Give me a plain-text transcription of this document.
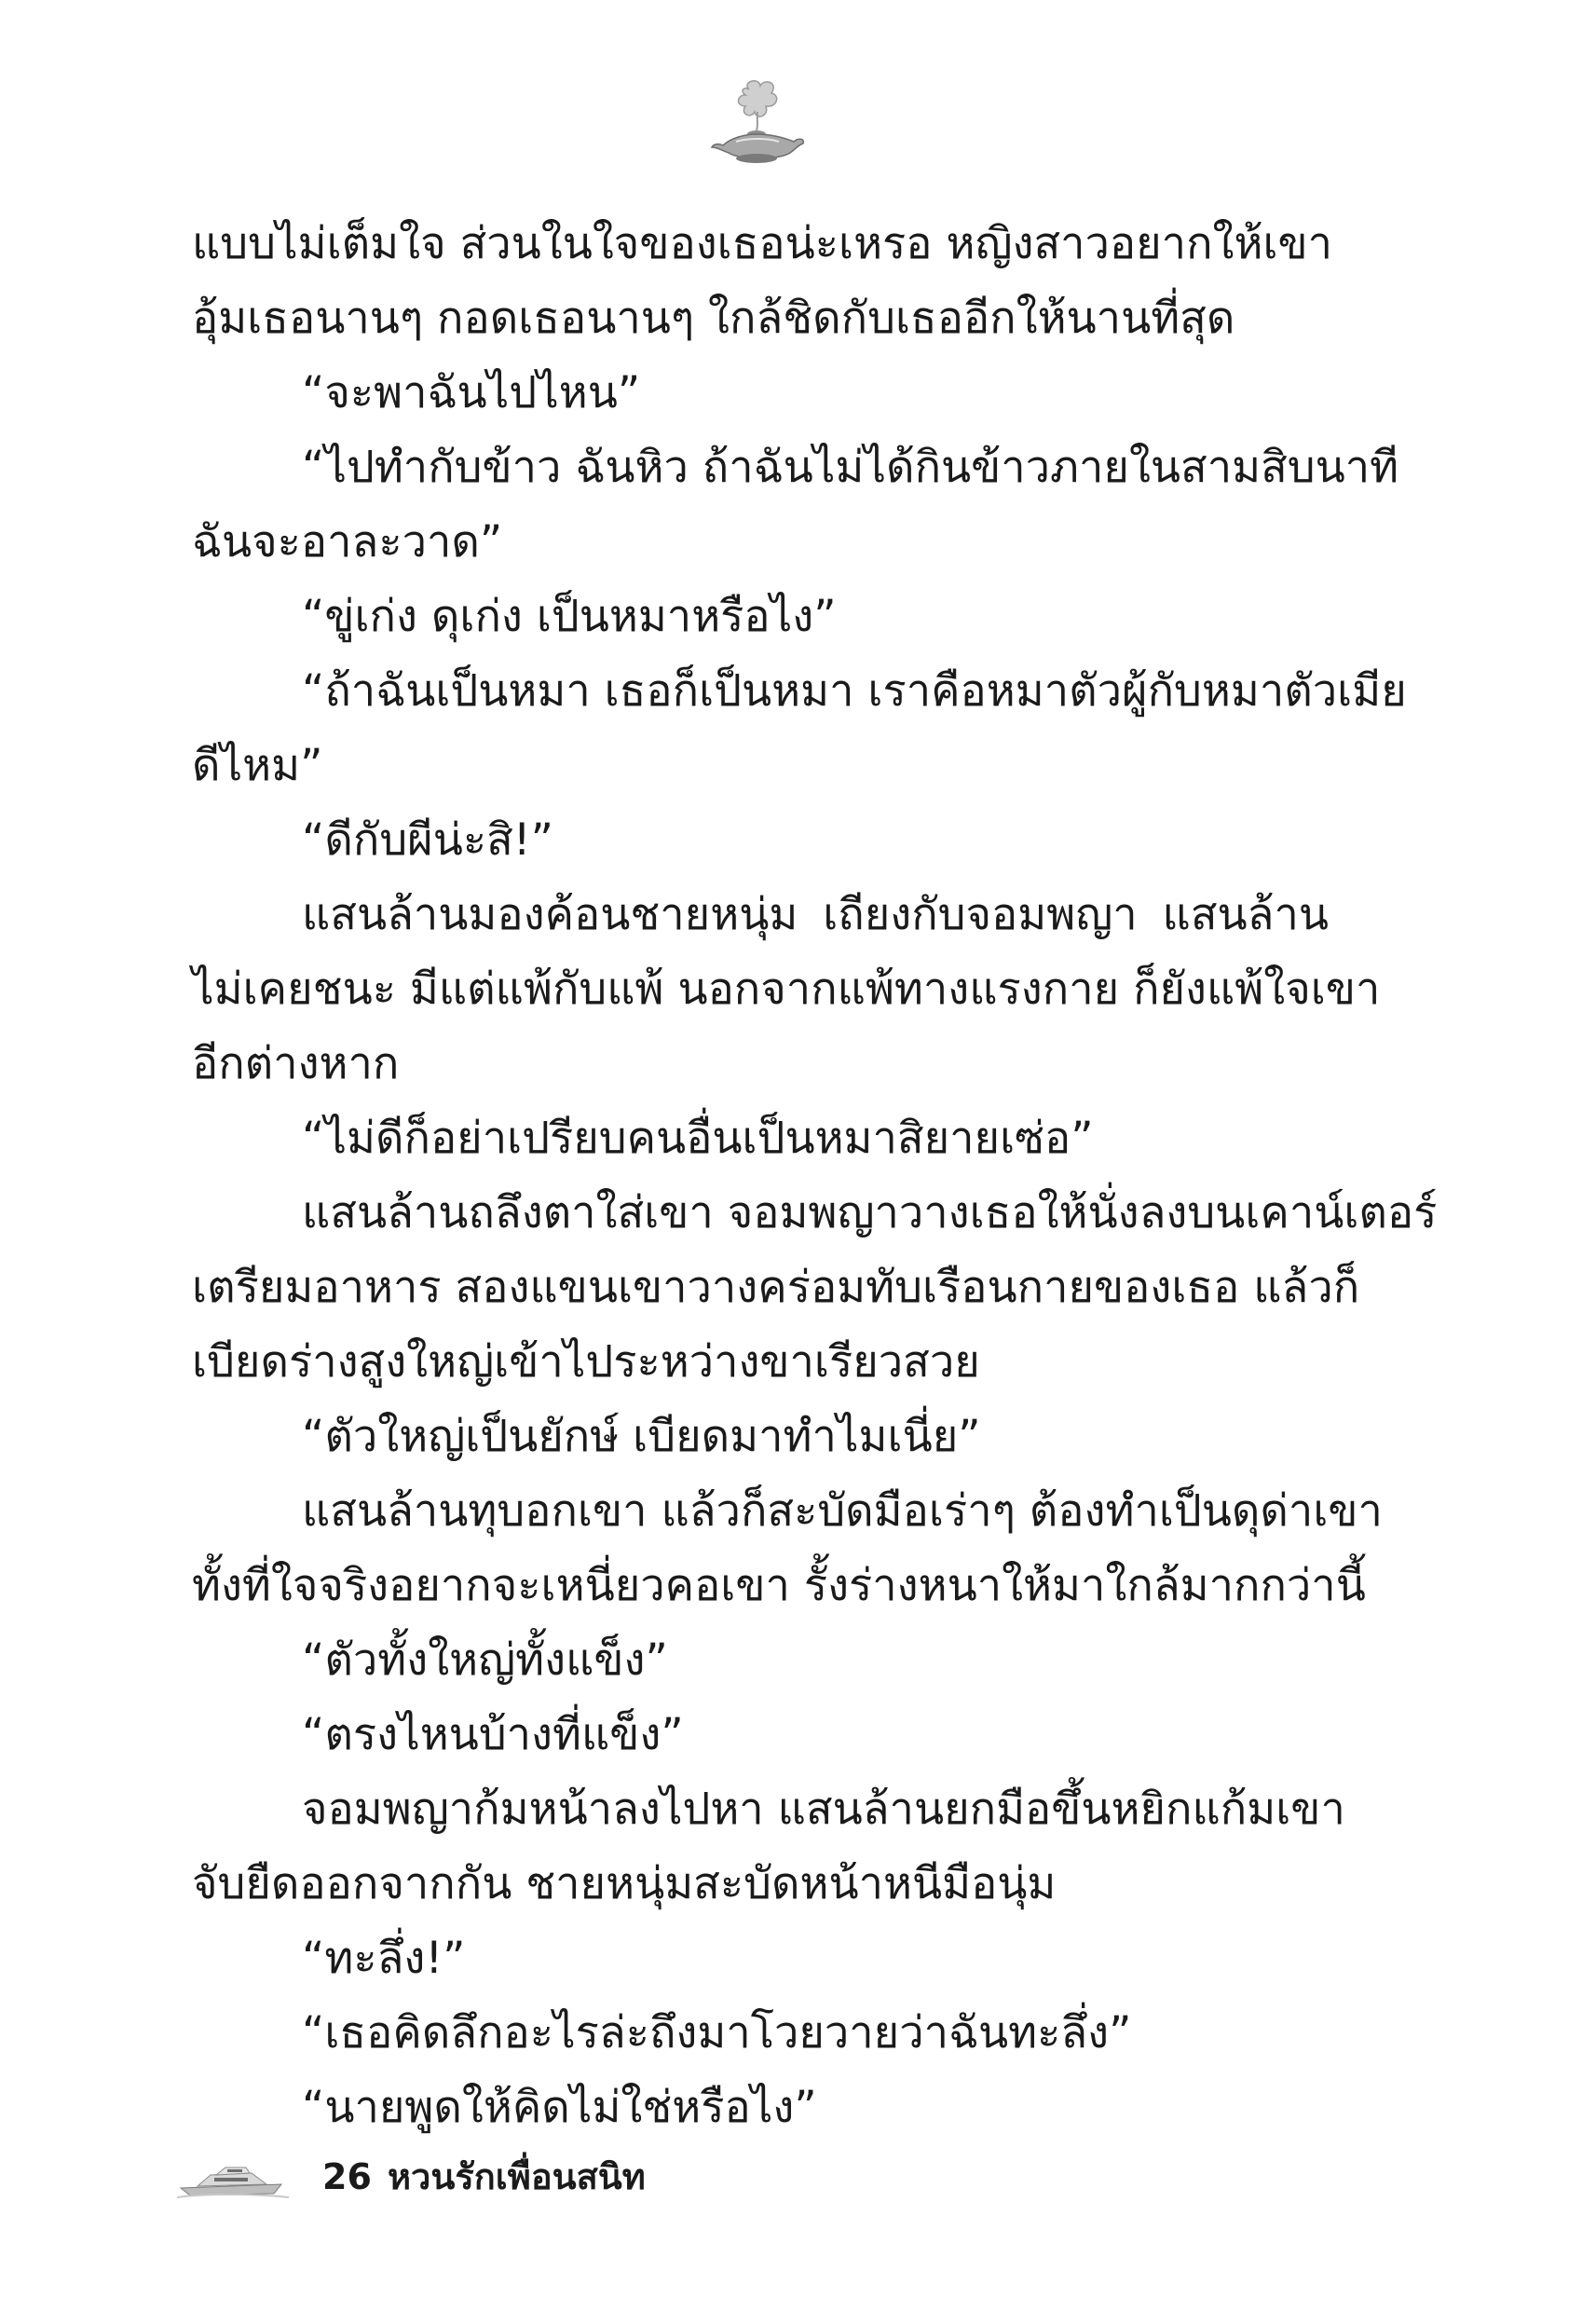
แบบไม่เต็มใจ ส่วนในใจของเธอน่ะเหรอ หญิงสาวอยากให้เขา
อุ้มเธอนานๆ กอดเธอนานๆ ใกล้ชิดกับเธออีกให้นานที่สุด
“จะพาฉันไปไหน”
“ไปทำกับข้าว ฉันหิว ถ้าฉันไม่ได้กินข้าวภายในสามสิบนาที
ฉันจะอาละวาด”
“ขู่เก่ง ดุเก่ง เป็นหมาหรือไง”
“ถ้าฉันเป็นหมา เธอก็เป็นหมา เราคือหมาตัวผู้กับหมาตัวเมีย
ดีไหม”
“ดีกับผีน่ะสิ!”
แสนล้านมองค้อนชายหนุ่ม เถียงกับจอมพญา แสนล้าน
ไม่เคยชนะ มีแต่แพ้กับแพ้ นอกจากแพ้ทางแรงกาย ก็ยังแพ้ใจเขา
อีกต่างหาก
“ไม่ดีก็อย่าเปรียบคนอื่นเป็นหมาสิยายเซ่อ”
แสนล้านถลึงตาใส่เขา จอมพญาวางเธอให้นั่งลงบนเคาน์เตอร์
เตรียมอาหาร สองแขนเขาวางคร่อมทับเรือนกายของเธอ แล้วก็
เบียดร่างสูงใหญ่เข้าไประหว่างขาเรียวสวย
“ตัวใหญ่เป็นยักษ์ เบียดมาทำไมเนี่ย”
แสนล้านทุบอกเขา แล้วก็สะบัดมือเร่าๆ ต้องทำเป็นดุด่าเขา
ทั้งที่ใจจริงอยากจะเหนี่ยวคอเขา รั้งร่างหนาให้มาใกล้มากกว่านี้
“ตัวทั้งใหญ่ทั้งแข็ง”
“ตรงไหนบ้างที่แข็ง”
จอมพญาก้มหน้าลงไปหา แสนล้านยกมือขึ้นหยิกแก้มเขา
จับยืดออกจากกัน ชายหนุ่มสะบัดหน้าหนีมือนุ่ม
“ทะลึ่ง!”
“เธอคิดลึกอะไรล่ะถึงมาโวยวายว่าฉันทะลึ่ง”
“นายพูดให้คิดไม่ใช่หรือไง”
26 หวนรักเพื่อนสนิท
